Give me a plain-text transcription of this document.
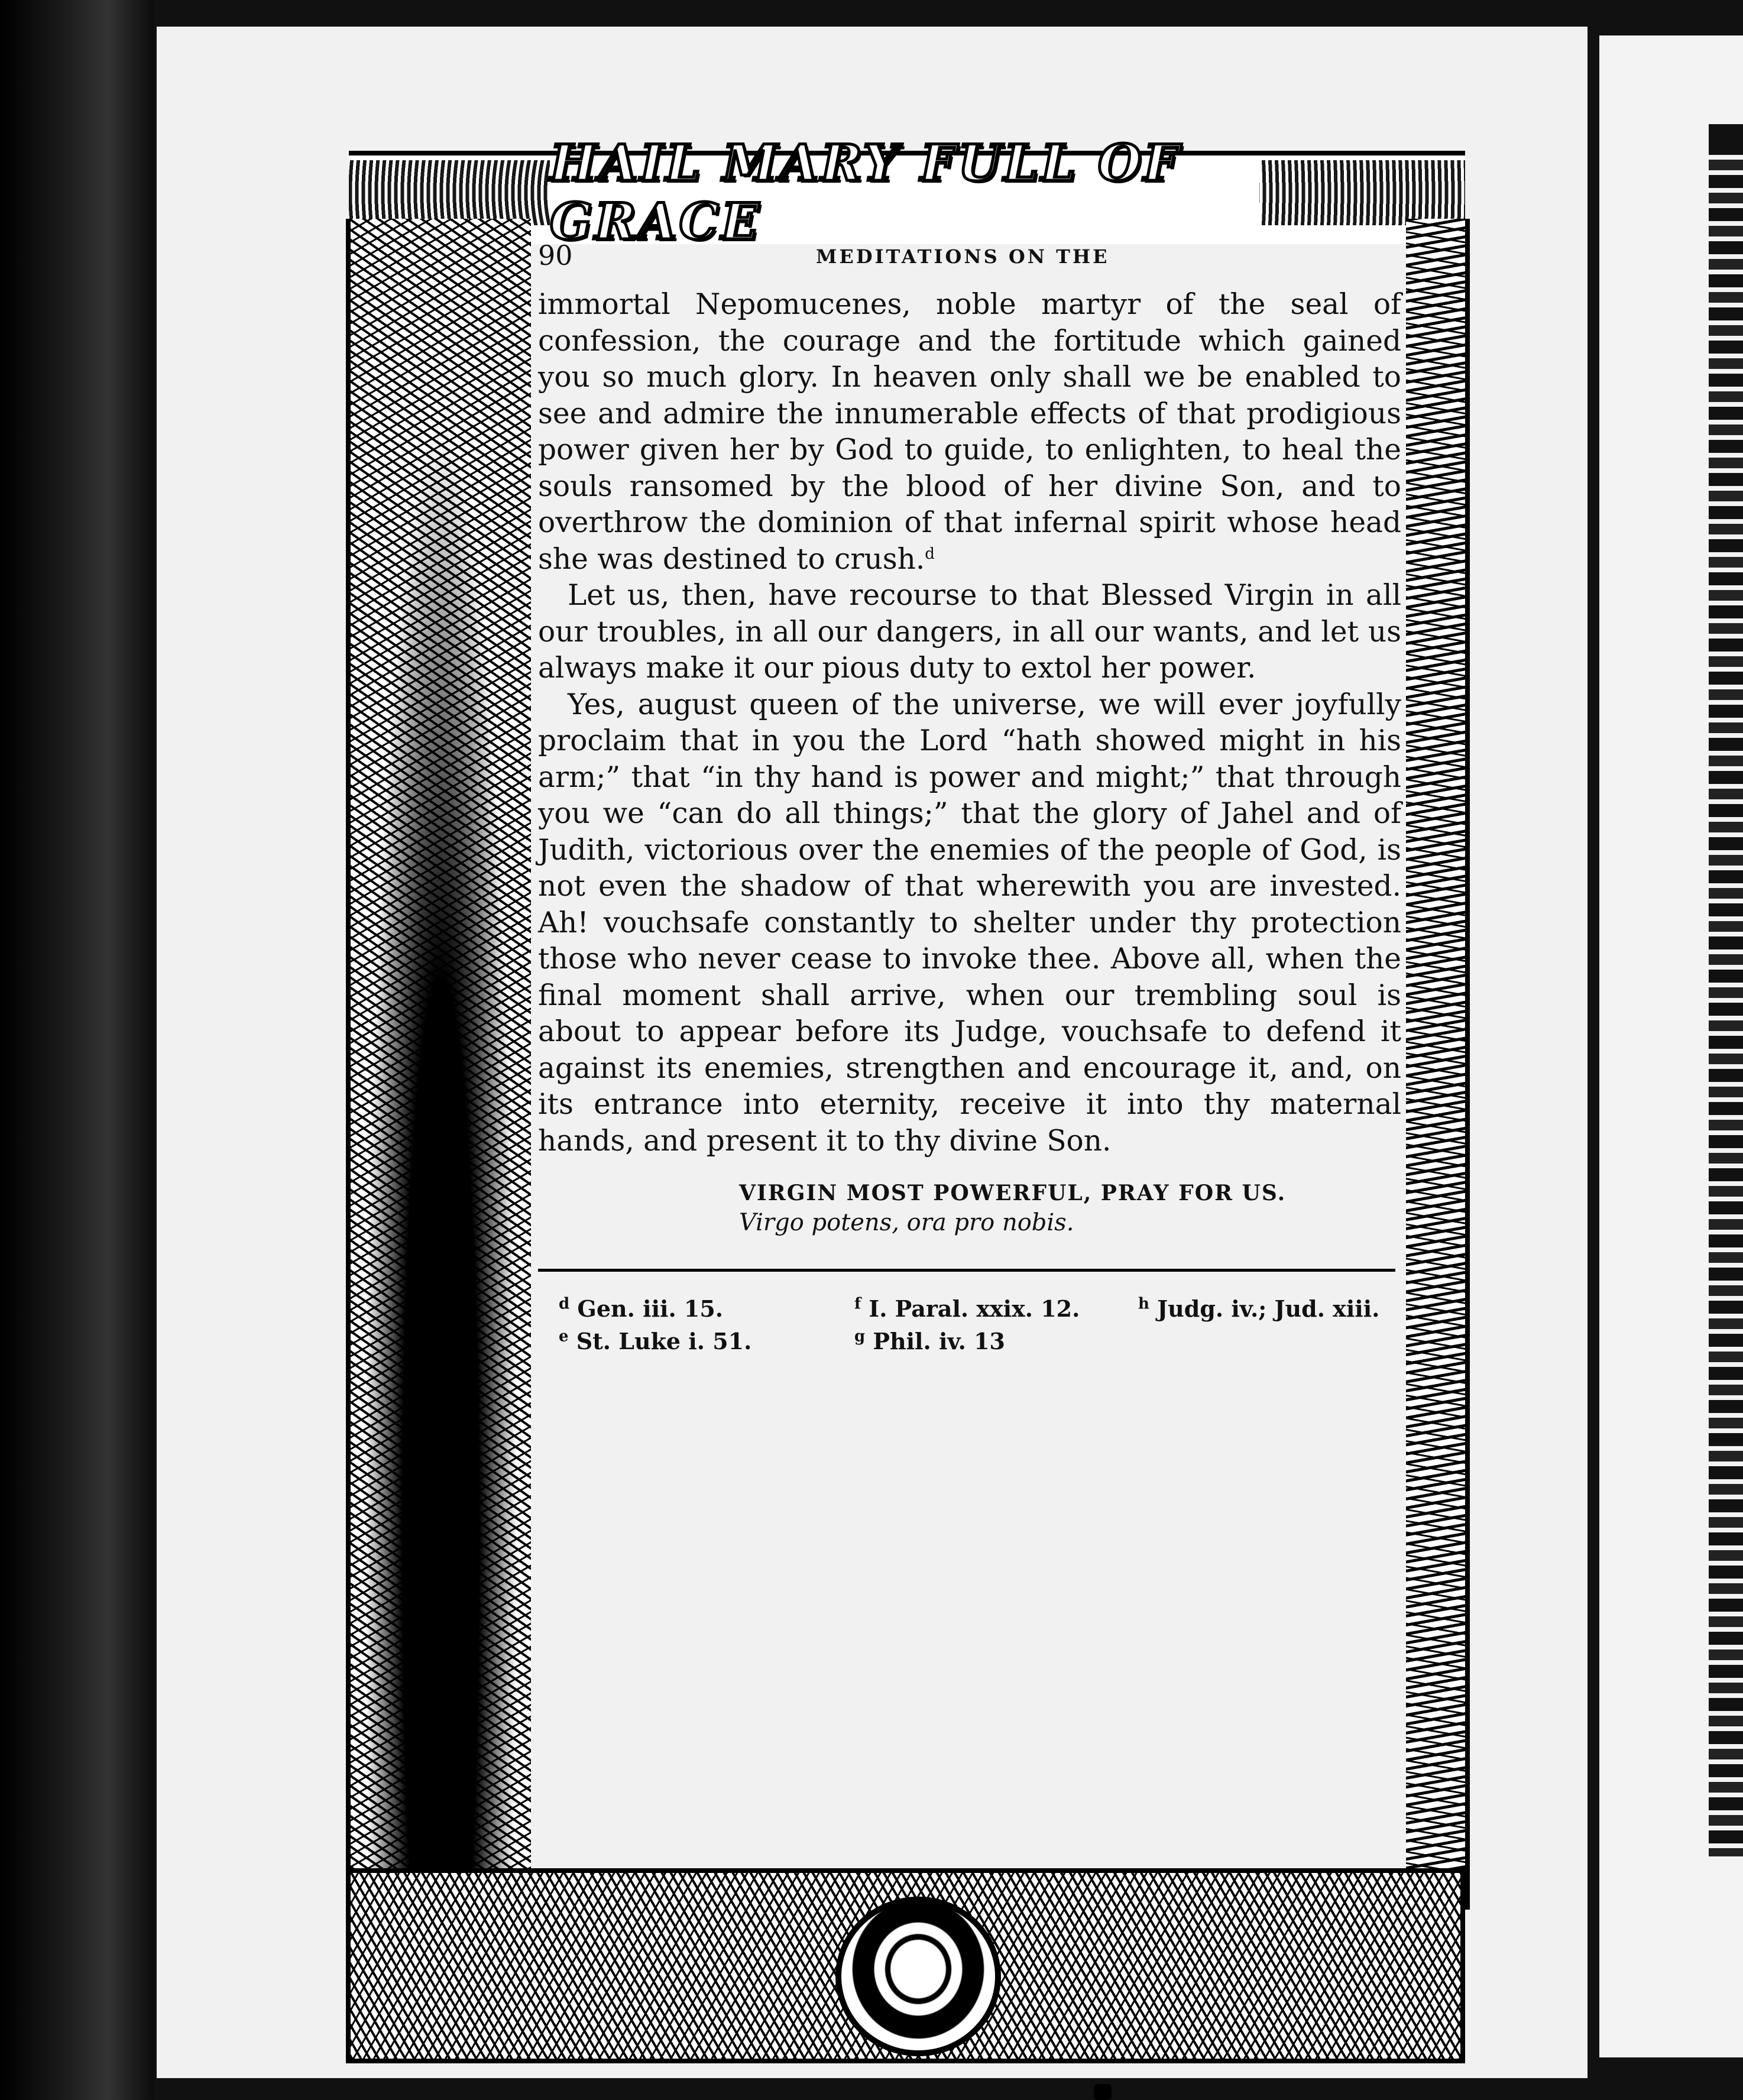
HAIL MARY FULL OF GRACE
90	MEDITATIONS ON THE

immortal Nepomucenes, noble martyr of the seal of confession, the courage and the fortitude which gained you so much glory. In heaven only shall we be enabled to see and admire the innumerable effects of that prodigious power given her by God to guide, to enlighten, to heal the souls ransomed by the blood of her divine Son, and to overthrow the dominion of that infernal spirit whose head she was destined to crush.$^d$

Let us, then, have recourse to that Blessed Virgin in all our troubles, in all our dangers, in all our wants, and let us always make it our pious duty to extol her power.

Yes, august queen of the universe, we will ever joyfully proclaim that in you the Lord “hath showed might in his arm;” that “in thy hand is power and might;” that through you we “can do all things;” that the glory of Jahel and of Judith, victorious over the enemies of the people of God, is not even the shadow of that wherewith you are invested. Ah! vouchsafe constantly to shelter under thy protection those who never cease to invoke thee. Above all, when the final moment shall arrive, when our trembling soul is about to appear before its Judge, vouchsafe to defend it against its enemies, strengthen and encourage it, and, on its entrance into eternity, receive it into thy maternal hands, and present it to thy divine Son.

VIRGIN MOST POWERFUL, PRAY FOR US.
Virgo potens, ora pro nobis.
$^d$ Gen. iii. 15.
$^e$ St. Luke i. 51.
$^f$ I. Paral. xxix. 12.
$^g$ Phil. iv. 13
$^h$ Judg. iv.; Jud. xiii.
